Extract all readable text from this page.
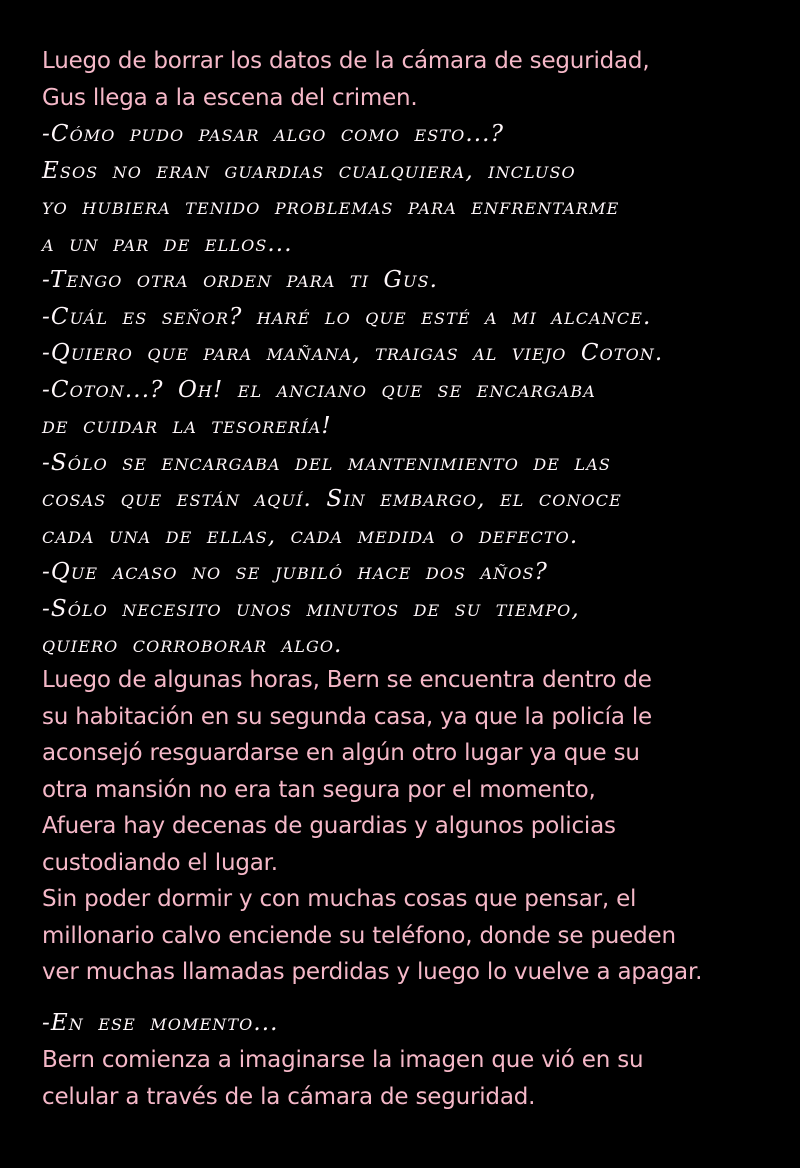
Luego de borrar los datos de la cámara de seguridad,
Gus llega a la escena del crimen.
-Cómo pudo pasar algo como esto...?
Esos no eran guardias cualquiera, incluso
yo hubiera tenido problemas para enfrentarme
a un par de ellos...
-Tengo otra orden para ti Gus.
-Cuál es señor? haré lo que esté a mi alcance.
-Quiero que para mañana, traigas al viejo Coton.
-Coton...? Oh! el anciano que se encargaba
de cuidar la tesorería!
-Sólo se encargaba del mantenimiento de las
cosas que están aquí. Sin embargo, el conoce
cada una de ellas, cada medida o defecto.
-Que acaso no se jubiló hace dos años?
-Sólo necesito unos minutos de su tiempo,
quiero corroborar algo.
Luego de algunas horas, Bern se encuentra dentro de
su habitación en su segunda casa, ya que la policía le
aconsejó resguardarse en algún otro lugar ya que su
otra mansión no era tan segura por el momento,
Afuera hay decenas de guardias y algunos policias
custodiando el lugar.
Sin poder dormir y con muchas cosas que pensar, el
millonario calvo enciende su teléfono, donde se pueden
ver muchas llamadas perdidas y luego lo vuelve a apagar.
-En ese momento...
Bern comienza a imaginarse la imagen que vió en su
celular a través de la cámara de seguridad.
